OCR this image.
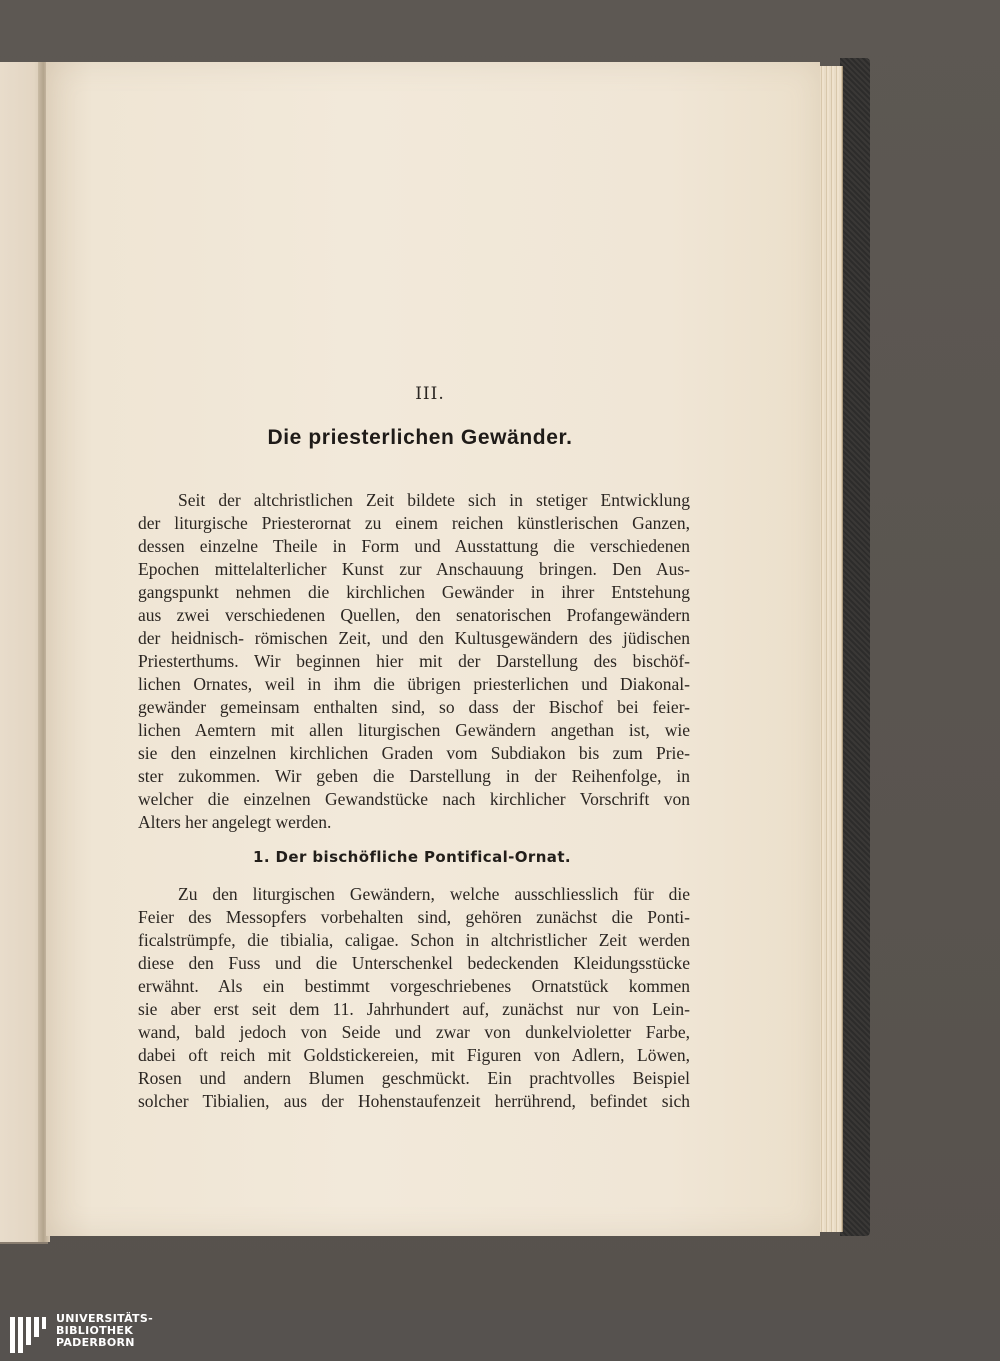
III.
Die priesterlichen Gewänder.
Seit der altchristlichen Zeit bildete sich in stetiger Entwicklung
der liturgische Priesterornat zu einem reichen künstlerischen Ganzen,
dessen einzelne Theile in Form und Ausstattung die verschiedenen
Epochen mittelalterlicher Kunst zur Anschauung bringen. Den Aus-
gangspunkt nehmen die kirchlichen Gewänder in ihrer Entstehung
aus zwei verschiedenen Quellen, den senatorischen Profangewändern
der heidnisch- römischen Zeit, und den Kultusgewändern des jüdischen
Priesterthums. Wir beginnen hier mit der Darstellung des bischöf-
lichen Ornates, weil in ihm die übrigen priesterlichen und Diakonal-
gewänder gemeinsam enthalten sind, so dass der Bischof bei feier-
lichen Aemtern mit allen liturgischen Gewändern angethan ist, wie
sie den einzelnen kirchlichen Graden vom Subdiakon bis zum Prie-
ster zukommen. Wir geben die Darstellung in der Reihenfolge, in
welcher die einzelnen Gewandstücke nach kirchlicher Vorschrift von
Alters her angelegt werden.
1. Der bischöfliche Pontifical-Ornat.
Zu den liturgischen Gewändern, welche ausschliesslich für die
Feier des Messopfers vorbehalten sind, gehören zunächst die Ponti-
ficalstrümpfe, die tibialia, caligae. Schon in altchristlicher Zeit werden
diese den Fuss und die Unterschenkel bedeckenden Kleidungsstücke
erwähnt. Als ein bestimmt vorgeschriebenes Ornatstück kommen
sie aber erst seit dem 11. Jahrhundert auf, zunächst nur von Lein-
wand, bald jedoch von Seide und zwar von dunkelvioletter Farbe,
dabei oft reich mit Goldstickereien, mit Figuren von Adlern, Löwen,
Rosen und andern Blumen geschmückt. Ein prachtvolles Beispiel
solcher Tibialien, aus der Hohenstaufenzeit herrührend, befindet sich
UNIVERSITÄTS-
BIBLIOTHEK
PADERBORN
